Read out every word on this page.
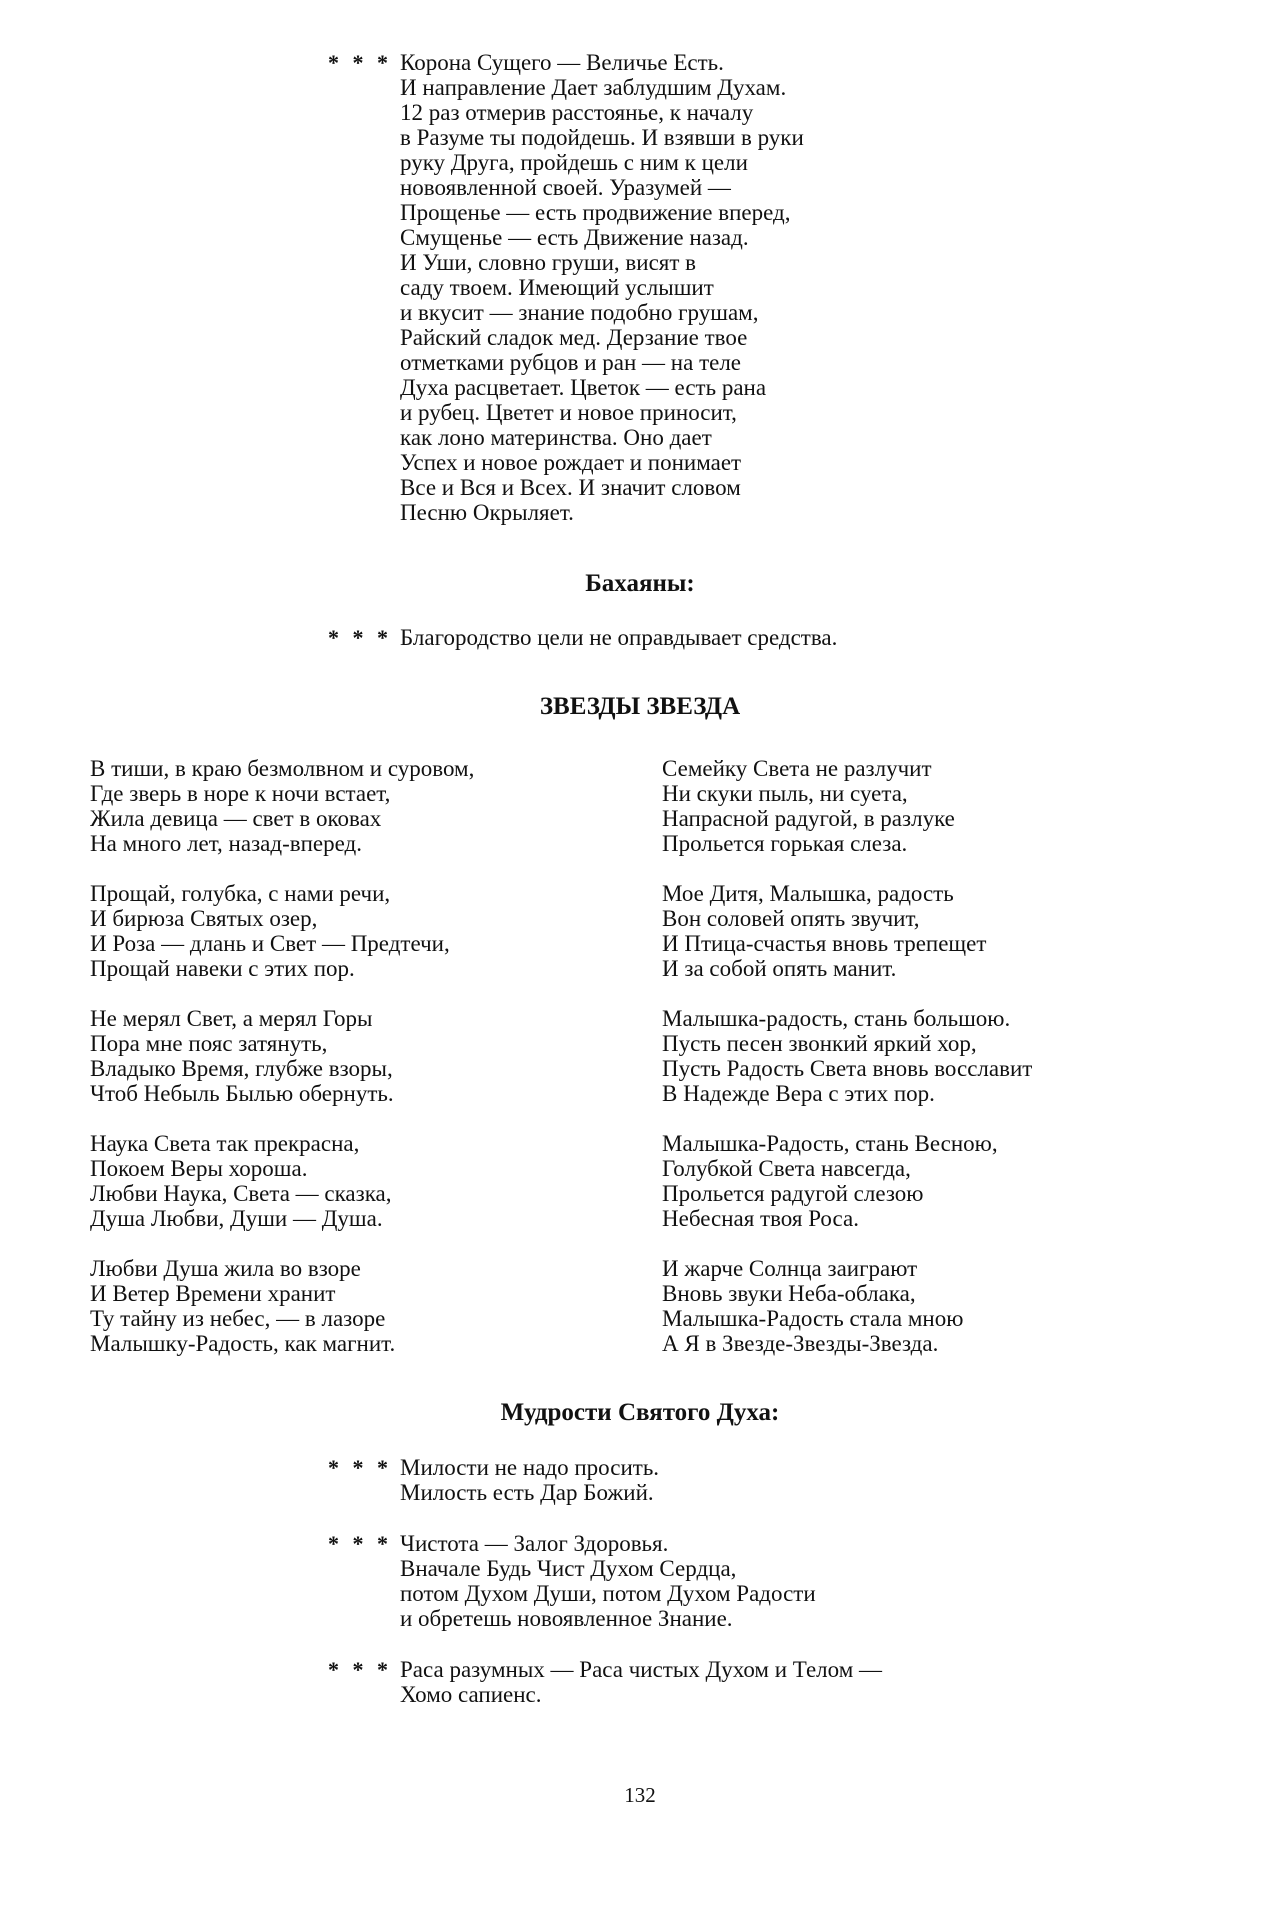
* * * Корона Сущего — Величье Есть.
И направление Дает заблудшим Духам.
12 раз отмерив расстоянье, к началу
в Разуме ты подойдешь. И взявши в руки
руку Друга, пройдешь с ним к цели
новоявленной своей. Уразумей —
Прощенье — есть продвижение вперед,
Смущенье — есть Движение назад.
И Уши, словно груши, висят в
саду твоем. Имеющий услышит
и вкусит — знание подобно грушам,
Райский сладок мед. Дерзание твое
отметками рубцов и ран — на теле
Духа расцветает. Цветок — есть рана
и рубец. Цветет и новое приносит,
как лоно материнства. Оно дает
Успех и новое рождает и понимает
Все и Вся и Всех. И значит словом
Песню Окрыляет.
Бахаяны:
* * * Благородство цели не оправдывает средства.
ЗВЕЗДЫ ЗВЕЗДА
В тиши, в краю безмолвном и суровом,
Где зверь в норе к ночи встает,
Жила девица — свет в оковах
На много лет, назад-вперед.
Прощай, голубка, с нами речи,
И бирюза Святых озер,
И Роза — длань и Свет — Предтечи,
Прощай навеки с этих пор.
Не мерял Свет, а мерял Горы
Пора мне пояс затянуть,
Владыко Время, глубже взоры,
Чтоб Небыль Былью обернуть.
Наука Света так прекрасна,
Покоем Веры хороша.
Любви Наука, Света — сказка,
Душа Любви, Души — Душа.
Любви Душа жила во взоре
И Ветер Времени хранит
Ту тайну из небес, — в лазоре
Малышку-Радость, как магнит.
Семейку Света не разлучит
Ни скуки пыль, ни суета,
Напрасной радугой, в разлуке
Прольется горькая слеза.
Мое Дитя, Малышка, радость
Вон соловей опять звучит,
И Птица-счастья вновь трепещет
И за собой опять манит.
Малышка-радость, стань большою.
Пусть песен звонкий яркий хор,
Пусть Радость Света вновь восславит
В Надежде Вера с этих пор.
Малышка-Радость, стань Весною,
Голубкой Света навсегда,
Прольется радугой слезою
Небесная твоя Роса.
И жарче Солнца заиграют
Вновь звуки Неба-облака,
Малышка-Радость стала мною
А Я в Звезде-Звезды-Звезда.
Мудрости Святого Духа:
* * * Милости не надо просить.
Милость есть Дар Божий.
* * * Чистота — Залог Здоровья.
Вначале Будь Чист Духом Сердца,
потом Духом Души, потом Духом Радости
и обретешь новоявленное Знание.
* * * Раса разумных — Раса чистых Духом и Телом —
Хомо сапиенс.
132
